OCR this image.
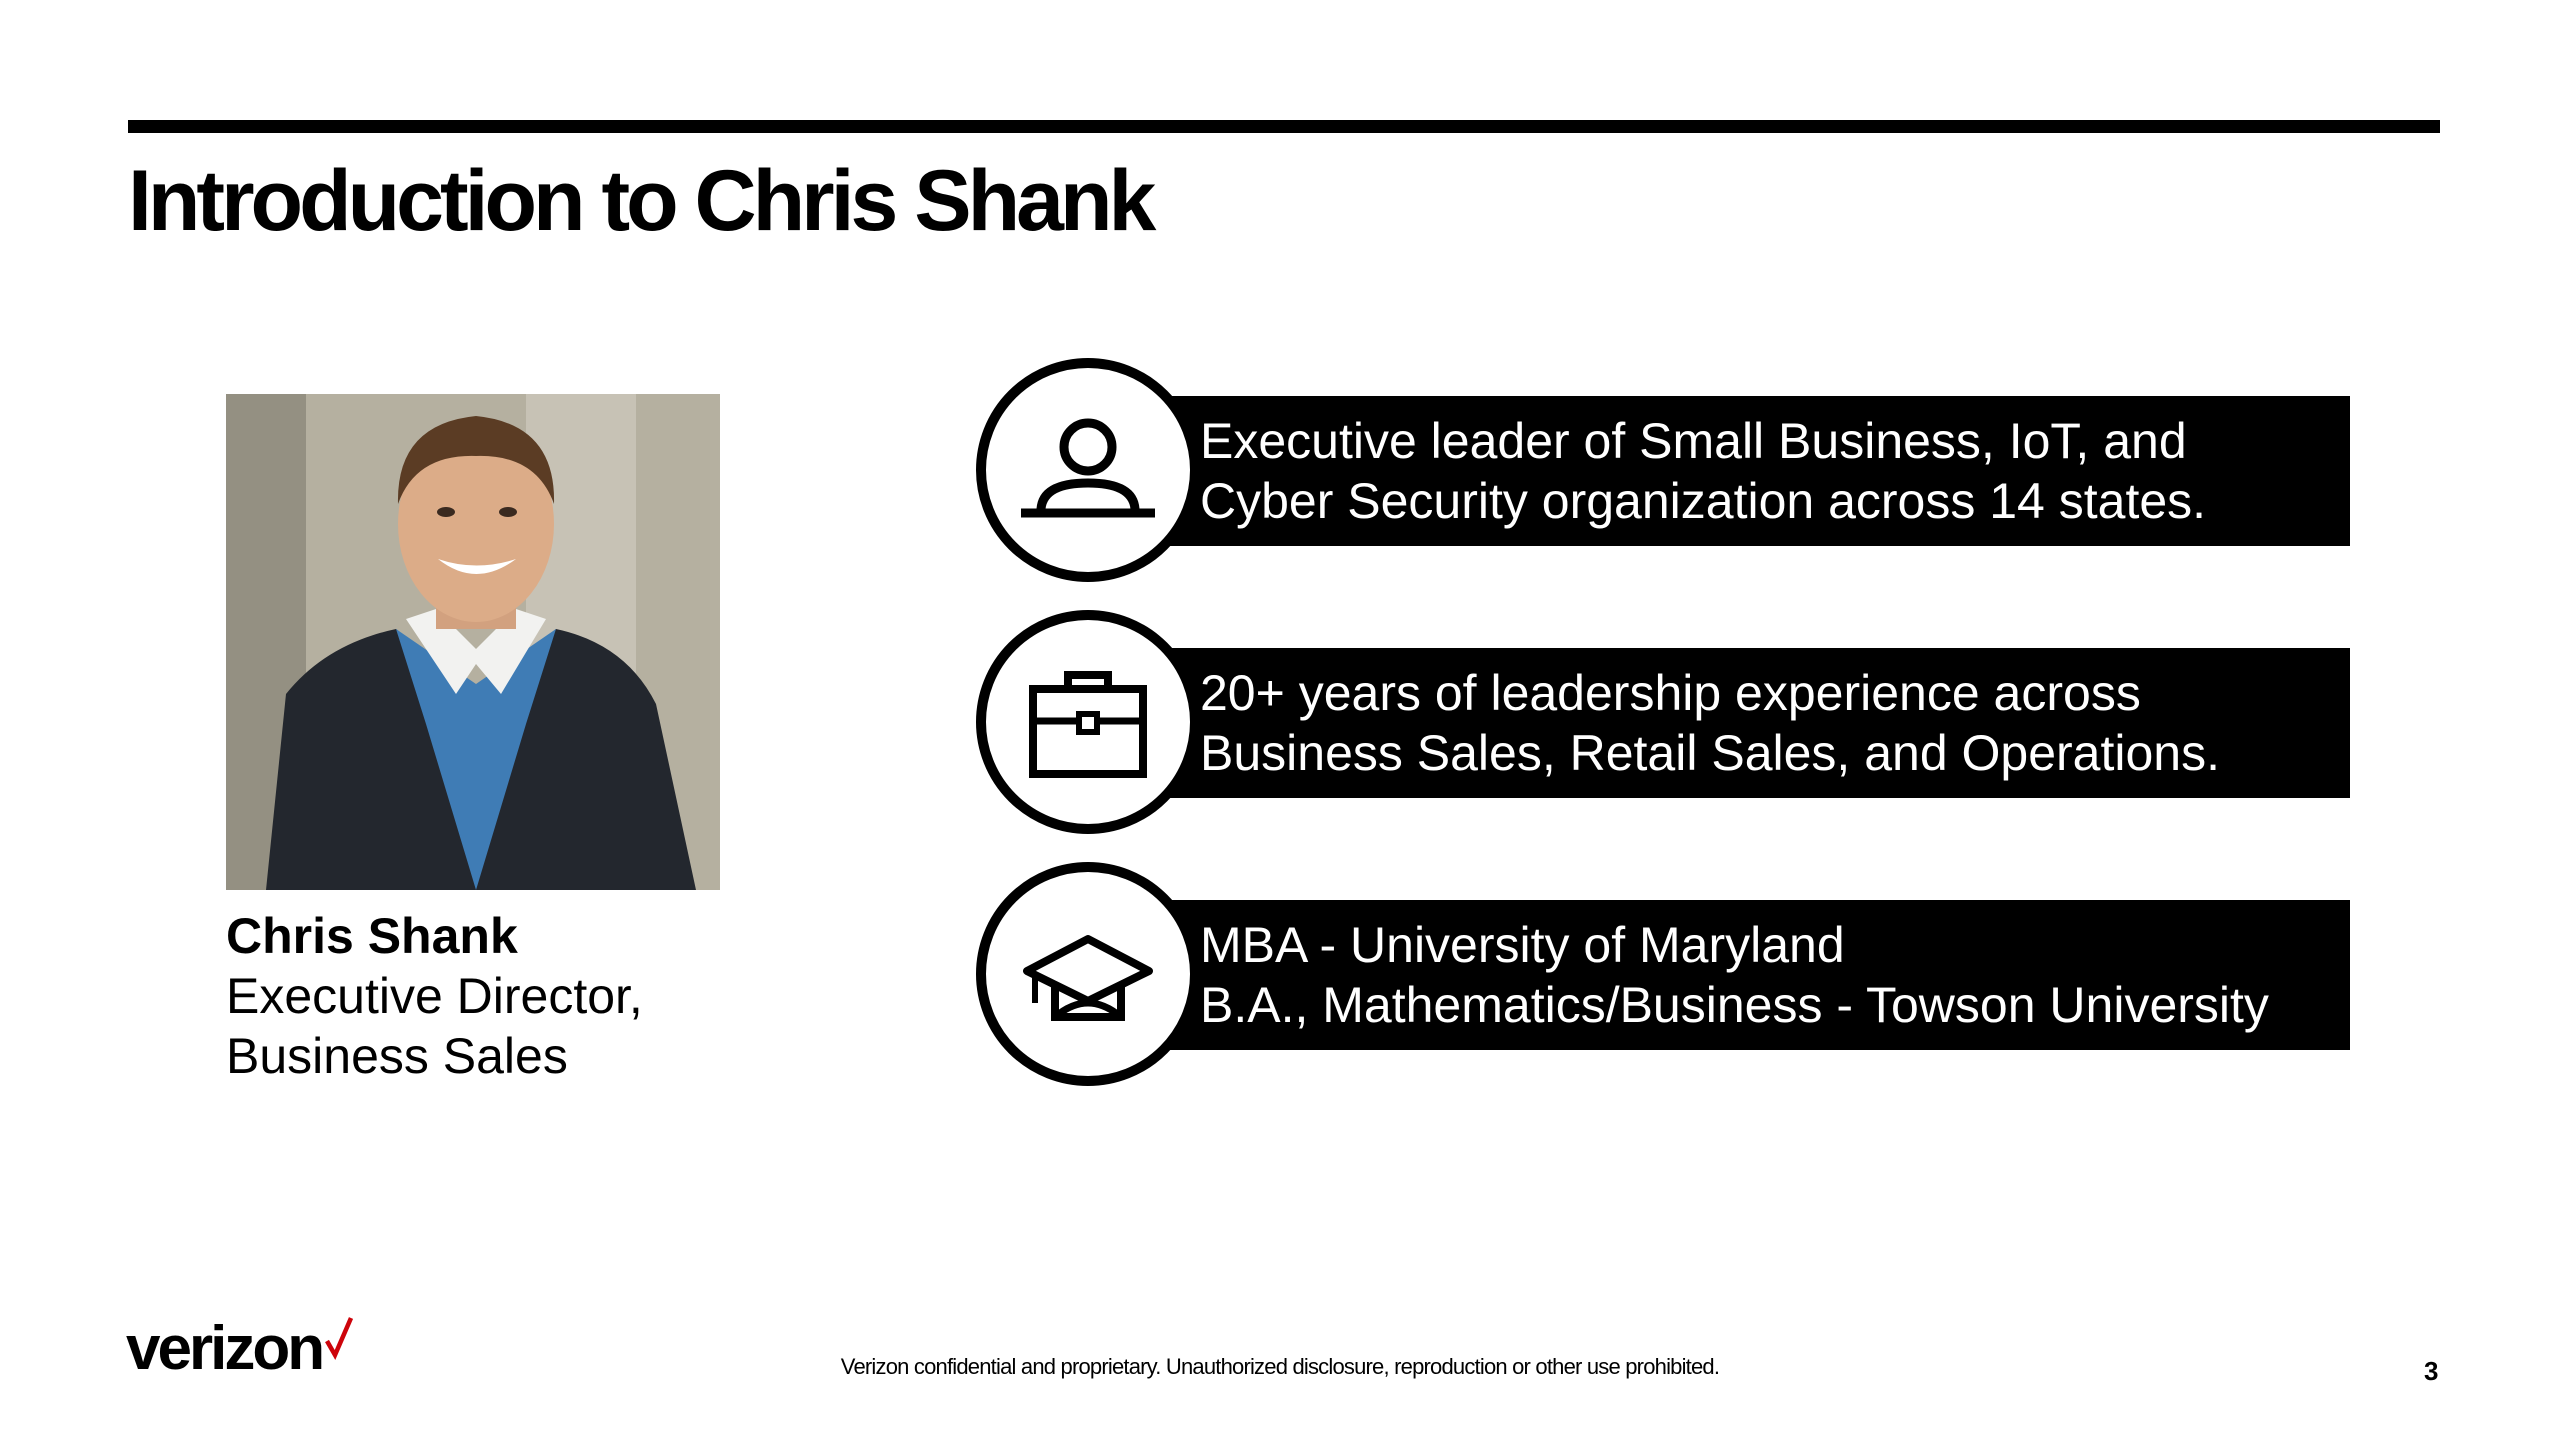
Introduction to Chris Shank
Chris Shank
Executive Director, Business Sales
Executive leader of Small Business, IoT, and
Cyber Security organization across 14 states.
20+ years of leadership experience across
Business Sales, Retail Sales, and Operations.
MBA - University of Maryland
B.A., Mathematics/Business - Towson University
verizon	Verizon confidential and proprietary. Unauthorized disclosure, reproduction or other use prohibited.	3
